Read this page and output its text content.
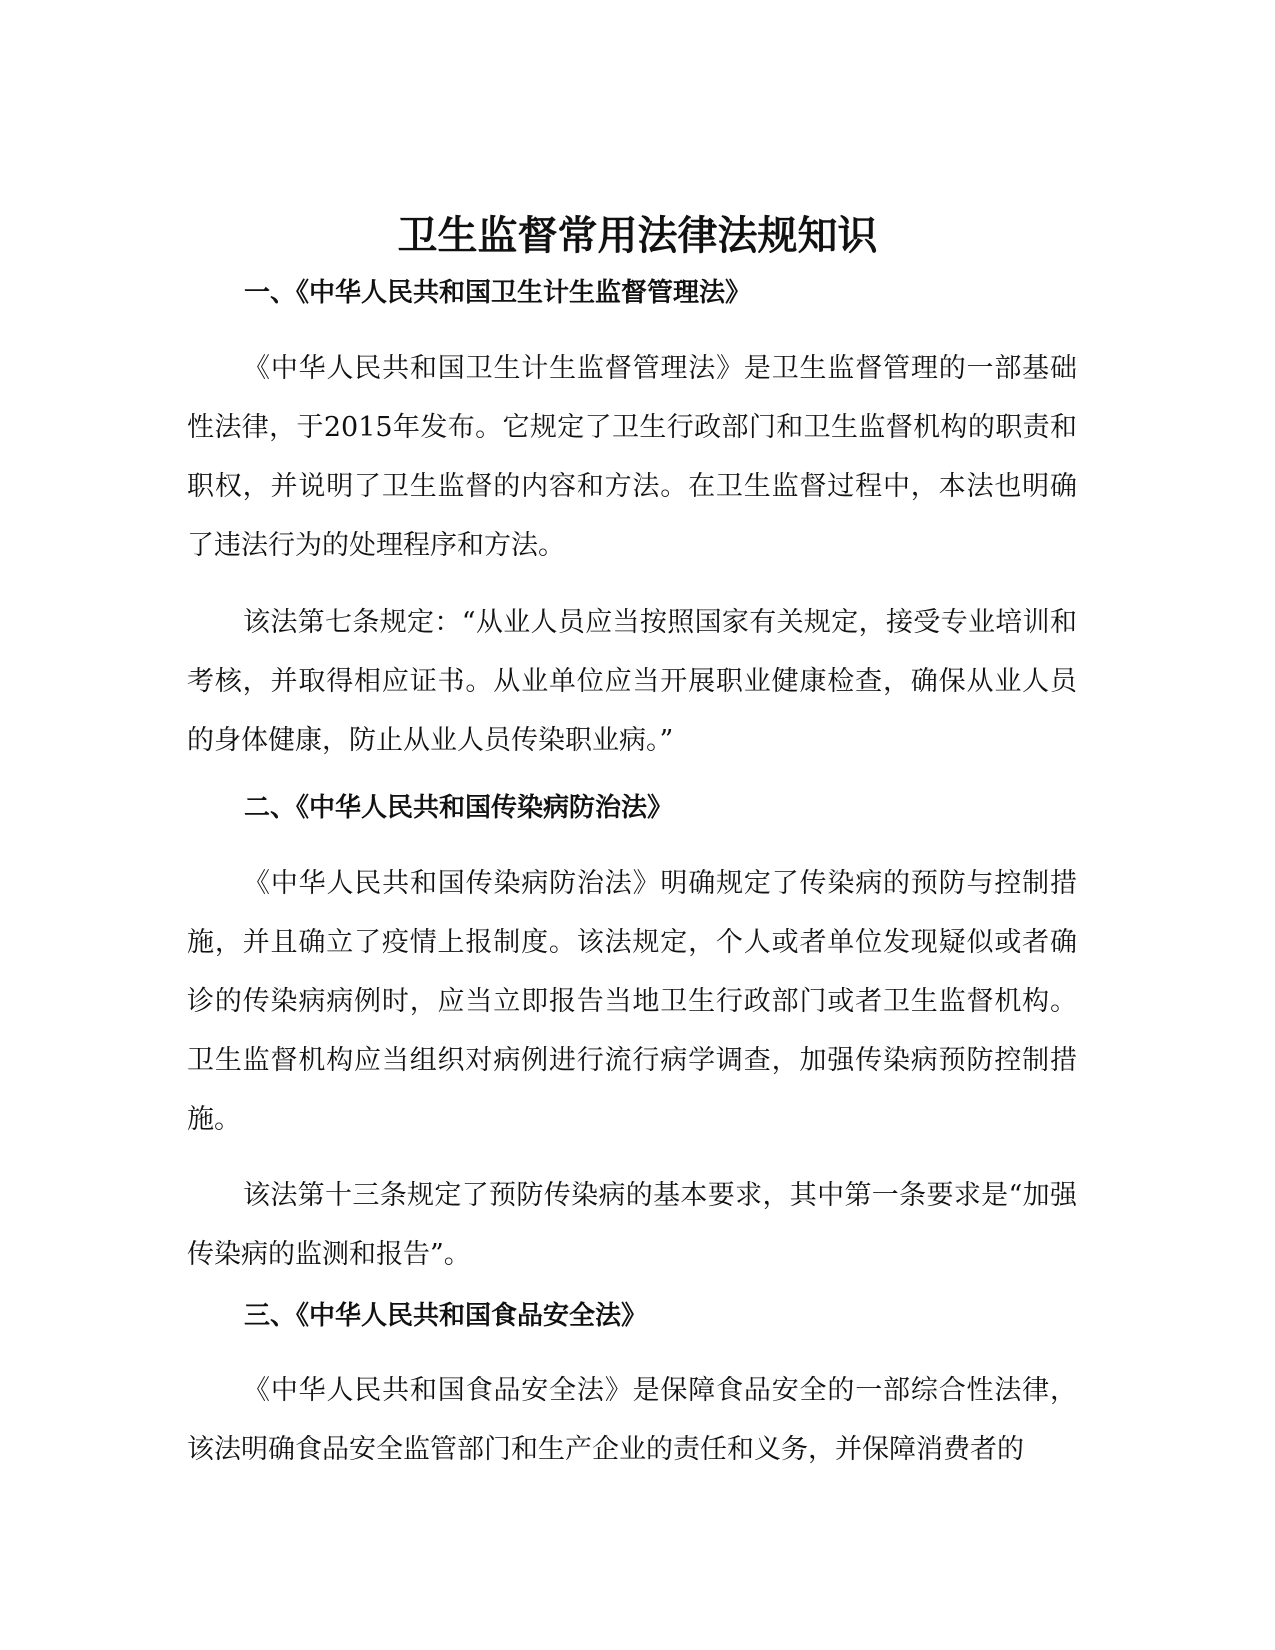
卫生监督常用法律法规知识
一、《中华人民共和国卫生计生监督管理法》

《中华人民共和国卫生计生监督管理法》是卫生监督管理的一部基础性法律，于2015年发布。它规定了卫生行政部门和卫生监督机构的职责和职权，并说明了卫生监督的内容和方法。在卫生监督过程中，本法也明确了违法行为的处理程序和方法。

该法第七条规定：“从业人员应当按照国家有关规定，接受专业培训和考核，并取得相应证书。从业单位应当开展职业健康检查，确保从业人员的身体健康，防止从业人员传染职业病。”

二、《中华人民共和国传染病防治法》

《中华人民共和国传染病防治法》明确规定了传染病的预防与控制措施，并且确立了疫情上报制度。该法规定，个人或者单位发现疑似或者确诊的传染病病例时，应当立即报告当地卫生行政部门或者卫生监督机构。卫生监督机构应当组织对病例进行流行病学调查，加强传染病预防控制措施。

该法第十三条规定了预防传染病的基本要求，其中第一条要求是“加强传染病的监测和报告”。

三、《中华人民共和国食品安全法》

《中华人民共和国食品安全法》是保障食品安全的一部综合性法律，该法明确食品安全监管部门和生产企业的责任和义务，并保障消费者的
